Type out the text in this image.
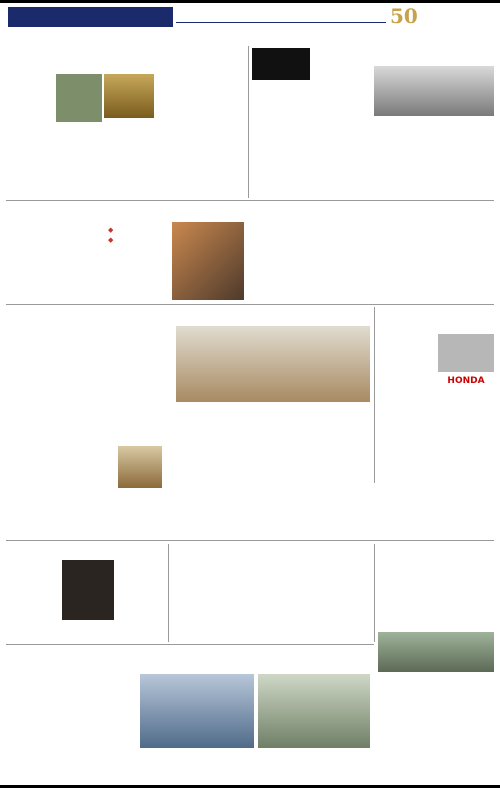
50
◆
◆
HONDA
